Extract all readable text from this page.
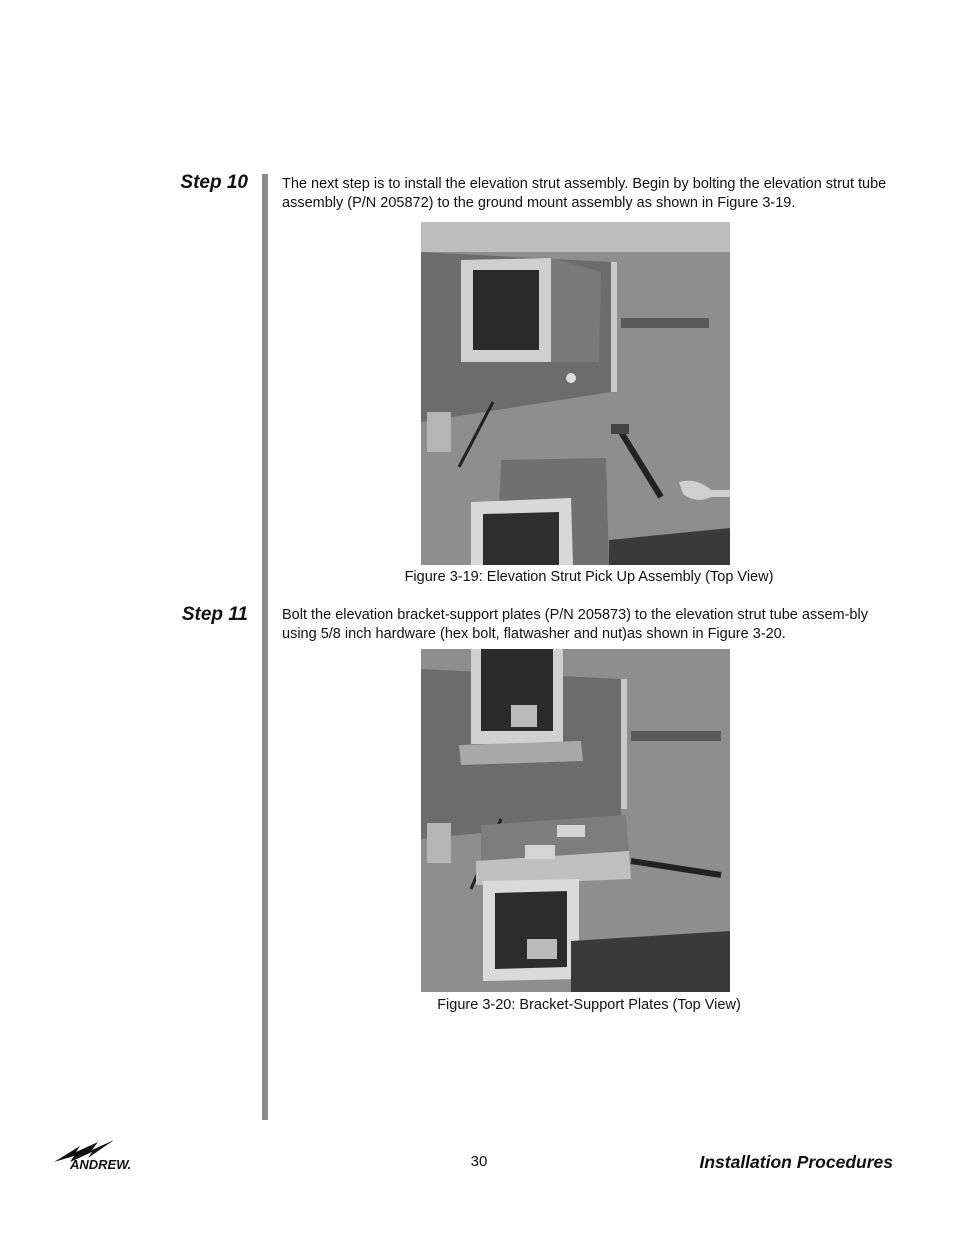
Step 10 The next step is to install the elevation strut assembly. Begin by bolting the elevation strut tube assembly (P/N 205872) to the ground mount assembly as shown in Figure 3-19.
Figure 3-19: Elevation Strut Pick Up Assembly (Top View)
Step 11 Bolt the elevation bracket-support plates (P/N 205873) to the elevation strut tube assem-bly using 5/8 inch hardware (hex bolt, flatwasher and nut)as shown in Figure 3-20.
Figure 3-20: Bracket-Support Plates (Top View)
ANDREW.	30	Installation Procedures
